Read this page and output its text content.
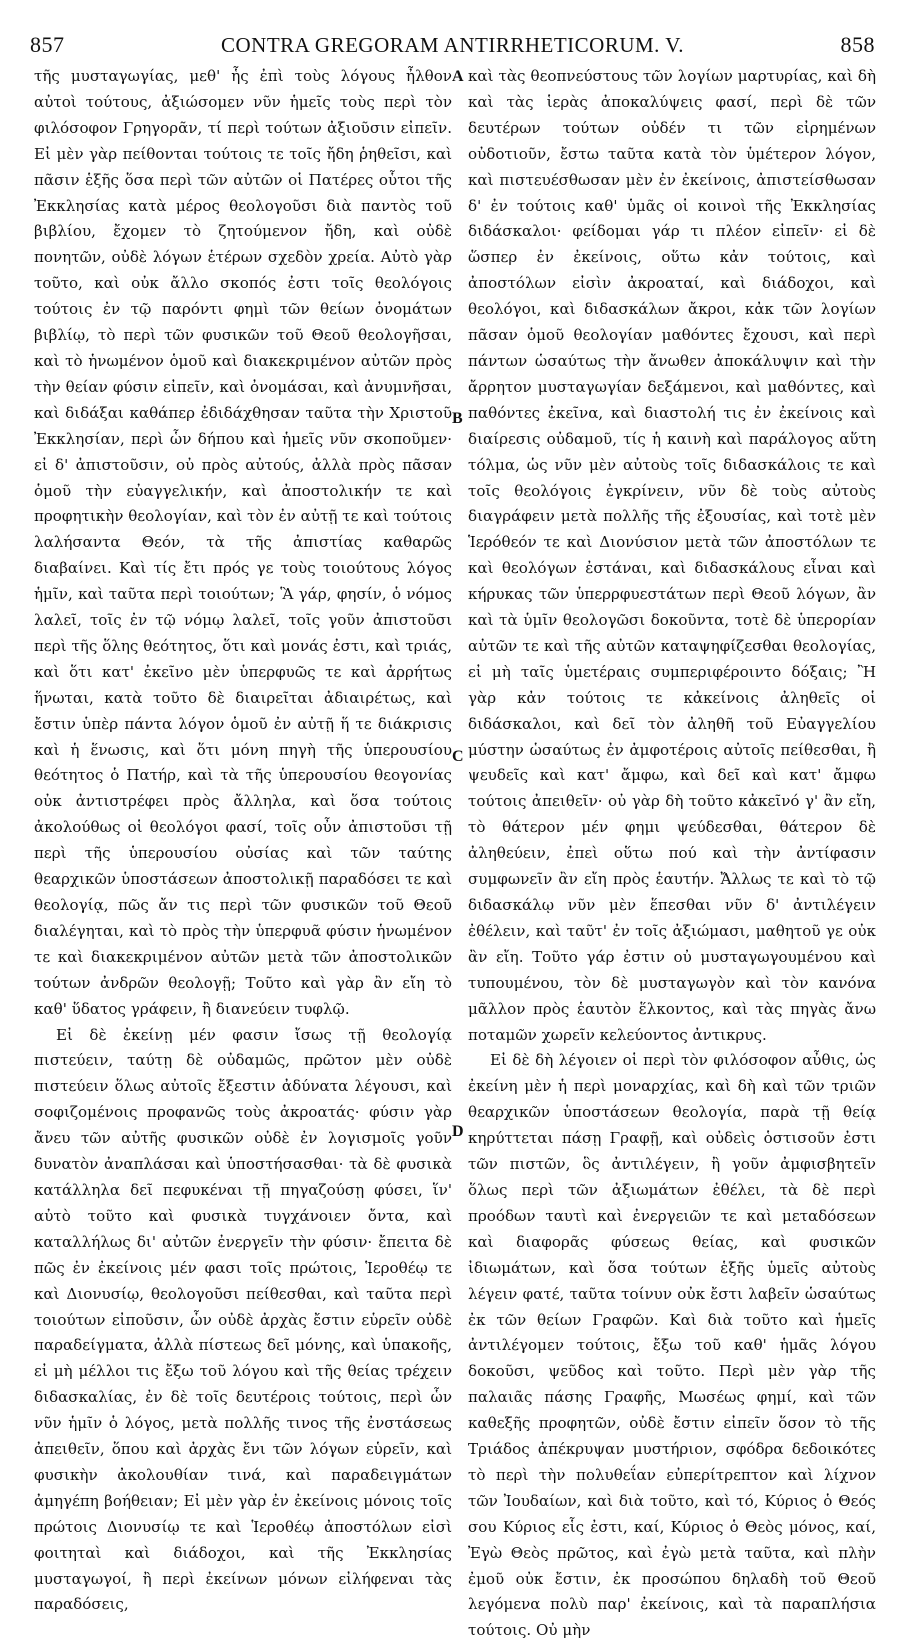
857	CONTRA GREGORAM ANTIRRHETICORUM. V.	858

τῆς μυσταγωγίας, μεθ' ἧς ἐπὶ τοὺς λόγους ἦλθον αὐτοὶ τούτους, ἀξιώσομεν νῦν ἡμεῖς τοὺς περὶ τὸν φιλόσοφον Γρηγορᾶν, τί περὶ τούτων ἀξιοῦσιν εἰπεῖν. Εἰ μὲν γὰρ πείθονται τούτοις τε τοῖς ἤδη ῥηθεῖσι, καὶ πᾶσιν ἑξῆς ὅσα περὶ τῶν αὐτῶν οἱ Πατέρες οὗτοι τῆς Ἐκκλησίας κατὰ μέρος θεολογοῦσι διὰ παντὸς τοῦ βιβλίου, ἔχομεν τὸ ζητούμενον ἤδη, καὶ οὐδὲ πονητῶν, οὐδὲ λόγων ἑτέρων σχεδὸν χρεία. Αὐτὸ γὰρ τοῦτο, καὶ οὐκ ἄλλο σκοπός ἐστι τοῖς θεολόγοις τούτοις ἐν τῷ παρόντι φημὶ τῶν θείων ὀνομάτων βιβλίῳ, τὸ περὶ τῶν φυσικῶν τοῦ Θεοῦ θεολογῆσαι, καὶ τὸ ἡνωμένον ὁμοῦ καὶ διακεκριμένον αὐτῶν πρὸς τὴν θείαν φύσιν εἰπεῖν, καὶ ὀνομάσαι, καὶ ἀνυμνῆσαι, καὶ διδάξαι καθάπερ ἐδιδάχθησαν ταῦτα τὴν Χριστοῦ Ἐκκλησίαν, περὶ ὧν δήπου καὶ ἡμεῖς νῦν σκοποῦμεν· εἰ δ' ἀπιστοῦσιν, οὐ πρὸς αὐτούς, ἀλλὰ πρὸς πᾶσαν ὁμοῦ τὴν εὐαγγελικήν, καὶ ἀποστολικήν τε καὶ προφητικὴν θεολογίαν, καὶ τὸν ἐν αὐτῇ τε καὶ τούτοις λαλήσαντα Θεόν, τὰ τῆς ἀπιστίας καθαρῶς διαβαίνει. Καὶ τίς ἔτι πρός γε τοὺς τοιούτους λόγος ἡμῖν, καὶ ταῦτα περὶ τοιούτων; Ἃ γάρ, φησίν, ὁ νόμος λαλεῖ, τοῖς ἐν τῷ νόμῳ λαλεῖ, τοῖς γοῦν ἀπιστοῦσι περὶ τῆς ὅλης θεότητος, ὅτι καὶ μονάς ἐστι, καὶ τριάς, καὶ ὅτι κατ' ἐκεῖνο μὲν ὑπερφυῶς τε καὶ ἀρρήτως ἥνωται, κατὰ τοῦτο δὲ διαιρεῖται ἀδιαιρέτως, καὶ ἔστιν ὑπὲρ πάντα λόγον ὁμοῦ ἐν αὐτῇ ἥ τε διάκρισις καὶ ἡ ἕνωσις, καὶ ὅτι μόνη πηγὴ τῆς ὑπερουσίου θεότητος ὁ Πατήρ, καὶ τὰ τῆς ὑπερουσίου θεογονίας οὐκ ἀντιστρέφει πρὸς ἄλληλα, καὶ ὅσα τούτοις ἀκολούθως οἱ θεολόγοι φασί, τοῖς οὖν ἀπιστοῦσι τῇ περὶ τῆς ὑπερουσίου οὐσίας καὶ τῶν ταύτης θεαρχικῶν ὑποστάσεων ἀποστολικῇ παραδόσει τε καὶ θεολογίᾳ, πῶς ἄν τις περὶ τῶν φυσικῶν τοῦ Θεοῦ διαλέγηται, καὶ τὸ πρὸς τὴν ὑπερφυᾶ φύσιν ἡνωμένον τε καὶ διακεκριμένον αὐτῶν μετὰ τῶν ἀποστολικῶν τούτων ἀνδρῶν θεολογῇ; Τοῦτο καὶ γὰρ ἂν εἴη τὸ καθ' ὕδατος γράφειν, ἢ διανεύειν τυφλῷ.

Εἰ δὲ ἐκείνῃ μέν φασιν ἴσως τῇ θεολογίᾳ πιστεύειν, ταύτῃ δὲ οὐδαμῶς, πρῶτον μὲν οὐδὲ πιστεύειν ὅλως αὐτοῖς ἔξεστιν ἀδύνατα λέγουσι, καὶ σοφιζομένοις προφανῶς τοὺς ἀκροατάς· φύσιν γὰρ ἄνευ τῶν αὐτῆς φυσικῶν οὐδὲ ἐν λογισμοῖς γοῦν δυνατὸν ἀναπλάσαι καὶ ὑποστήσασθαι· τὰ δὲ φυσικὰ κατάλληλα δεῖ πεφυκέναι τῇ πηγαζούσῃ φύσει, ἵν' αὐτὸ τοῦτο καὶ φυσικὰ τυγχάνοιεν ὄντα, καὶ καταλλήλως δι' αὐτῶν ἐνεργεῖν τὴν φύσιν· ἔπειτα δὲ πῶς ἐν ἐκείνοις μέν φασι τοῖς πρώτοις, Ἱεροθέῳ τε καὶ Διονυσίῳ, θεολογοῦσι πείθεσθαι, καὶ ταῦτα περὶ τοιούτων εἰποῦσιν, ὧν οὐδὲ ἀρχὰς ἔστιν εὑρεῖν οὐδὲ παραδείγματα, ἀλλὰ πίστεως δεῖ μόνης, καὶ ὑπακοῆς, εἰ μὴ μέλλοι τις ἔξω τοῦ λόγου καὶ τῆς θείας τρέχειν διδασκαλίας, ἐν δὲ τοῖς δευτέροις τούτοις, περὶ ὧν νῦν ἡμῖν ὁ λόγος, μετὰ πολλῆς τινος τῆς ἐνστάσεως ἀπειθεῖν, ὅπου καὶ ἀρχὰς ἔνι τῶν λόγων εὑρεῖν, καὶ φυσικὴν ἀκολουθίαν τινά, καὶ παραδειγμάτων ἀμηγέπη βοήθειαν; Εἰ μὲν γὰρ ἐν ἐκείνοις μόνοις τοῖς πρώτοις Διονυσίῳ τε καὶ Ἱεροθέῳ ἀποστόλων εἰσὶ φοιτηταὶ καὶ διάδοχοι, καὶ τῆς Ἐκκλησίας μυσταγωγοί, ἢ περὶ ἐκείνων μόνων εἰλήφεναι τὰς παραδόσεις,

A
B
C
D

καὶ τὰς θεοπνεύστους τῶν λογίων μαρτυρίας, καὶ δὴ καὶ τὰς ἱερὰς ἀποκαλύψεις φασί, περὶ δὲ τῶν δευτέρων τούτων οὐδέν τι τῶν εἰρημένων οὐδοτιοῦν, ἔστω ταῦτα κατὰ τὸν ὑμέτερον λόγον, καὶ πιστευέσθωσαν μὲν ἐν ἐκείνοις, ἀπιστείσθωσαν δ' ἐν τούτοις καθ' ὑμᾶς οἱ κοινοὶ τῆς Ἐκκλησίας διδάσκαλοι· φείδομαι γάρ τι πλέον εἰπεῖν· εἰ δὲ ὥσπερ ἐν ἐκείνοις, οὕτω κἀν τούτοις, καὶ ἀποστόλων εἰσὶν ἀκροαταί, καὶ διάδοχοι, καὶ θεολόγοι, καὶ διδασκάλων ἄκροι, κἀκ τῶν λογίων πᾶσαν ὁμοῦ θεολογίαν μαθόντες ἔχουσι, καὶ περὶ πάντων ὡσαύτως τὴν ἄνωθεν ἀποκάλυψιν καὶ τὴν ἄρρητον μυσταγωγίαν δεξάμενοι, καὶ μαθόντες, καὶ παθόντες ἐκεῖνα, καὶ διαστολή τις ἐν ἐκείνοις καὶ διαίρεσις οὐδαμοῦ, τίς ἡ καινὴ καὶ παράλογος αὕτη τόλμα, ὡς νῦν μὲν αὐτοὺς τοῖς διδασκάλοις τε καὶ τοῖς θεολόγοις ἐγκρίνειν, νῦν δὲ τοὺς αὐτοὺς διαγράφειν μετὰ πολλῆς τῆς ἐξουσίας, καὶ τοτὲ μὲν Ἱερόθεόν τε καὶ Διονύσιον μετὰ τῶν ἀποστόλων τε καὶ θεολόγων ἐστάναι, καὶ διδασκάλους εἶναι καὶ κήρυκας τῶν ὑπερρφυεστάτων περὶ Θεοῦ λόγων, ἂν καὶ τὰ ὑμῖν θεολογῶσι δοκοῦντα, τοτὲ δὲ ὑπερορίαν αὐτῶν τε καὶ τῆς αὐτῶν καταψηφίζεσθαι θεολογίας, εἰ μὴ ταῖς ὑμετέραις συμπεριφέροιντο δόξαις; Ἢ γὰρ κἀν τούτοις τε κἀκείνοις ἀληθεῖς οἱ διδάσκαλοι, καὶ δεῖ τὸν ἀληθῆ τοῦ Εὐαγγελίου μύστην ὡσαύτως ἐν ἀμφοτέροις αὐτοῖς πείθεσθαι, ἢ ψευδεῖς καὶ κατ' ἄμφω, καὶ δεῖ καὶ κατ' ἄμφω τούτοις ἀπειθεῖν· οὐ γὰρ δὴ τοῦτο κἀκεῖνό γ' ἂν εἴη, τὸ θάτερον μέν φημι ψεύδεσθαι, θάτερον δὲ ἀληθεύειν, ἐπεὶ οὕτω πού καὶ τὴν ἀντίφασιν συμφωνεῖν ἂν εἴη πρὸς ἑαυτήν. Ἄλλως τε καὶ τὸ τῷ διδασκάλῳ νῦν μὲν ἕπεσθαι νῦν δ' ἀντιλέγειν ἐθέλειν, καὶ ταῦτ' ἐν τοῖς ἀξιώμασι, μαθητοῦ γε οὐκ ἂν εἴη. Τοῦτο γάρ ἐστιν οὐ μυσταγωγουμένου καὶ τυπουμένου, τὸν δὲ μυσταγωγὸν καὶ τὸν κανόνα μᾶλλον πρὸς ἑαυτὸν ἕλκοντος, καὶ τὰς πηγὰς ἄνω ποταμῶν χωρεῖν κελεύοντος ἀντικρυς.

Εἰ δὲ δὴ λέγοιεν οἱ περὶ τὸν φιλόσοφον αὖθις, ὡς ἐκείνη μὲν ἡ περὶ μοναρχίας, καὶ δὴ καὶ τῶν τριῶν θεαρχικῶν ὑποστάσεων θεολογία, παρὰ τῇ θείᾳ κηρύττεται πάσῃ Γραφῇ, καὶ οὐδεὶς ὁστισοῦν ἐστι τῶν πιστῶν, ὃς ἀντιλέγειν, ἢ γοῦν ἀμφισβητεῖν ὅλως περὶ τῶν ἀξιωμάτων ἐθέλει, τὰ δὲ περὶ προόδων ταυτὶ καὶ ἐνεργειῶν τε καὶ μεταδόσεων καὶ διαφορᾶς φύσεως θείας, καὶ φυσικῶν ἰδιωμάτων, καὶ ὅσα τούτων ἑξῆς ὑμεῖς αὐτοὺς λέγειν φατέ, ταῦτα τοίνυν οὐκ ἔστι λαβεῖν ὡσαύτως ἐκ τῶν θείων Γραφῶν. Καὶ διὰ τοῦτο καὶ ἡμεῖς ἀντιλέγομεν τούτοις, ἔξω τοῦ καθ' ἡμᾶς λόγου δοκοῦσι, ψεῦδος καὶ τοῦτο. Περὶ μὲν γὰρ τῆς παλαιᾶς πάσης Γραφῆς, Μωσέως φημί, καὶ τῶν καθεξῆς προφητῶν, οὐδὲ ἔστιν εἰπεῖν ὅσον τὸ τῆς Τριάδος ἀπέκρυψαν μυστήριον, σφόδρα δεδοικότες τὸ περὶ τὴν πολυθεΐαν εὐπερίτρεπτον καὶ λίχνον τῶν Ἰουδαίων, καὶ διὰ τοῦτο, καὶ τό, Κύριος ὁ Θεός σου Κύριος εἷς ἐστι, καί, Κύριος ὁ Θεὸς μόνος, καί, Ἐγὼ Θεὸς πρῶτος, καὶ ἐγὼ μετὰ ταῦτα, καὶ πλὴν ἐμοῦ οὐκ ἔστιν, ἐκ προσώπου δηλαδὴ τοῦ Θεοῦ λεγόμενα πολὺ παρ' ἐκείνοις, καὶ τὰ παραπλήσια τούτοις. Οὐ μὴν
